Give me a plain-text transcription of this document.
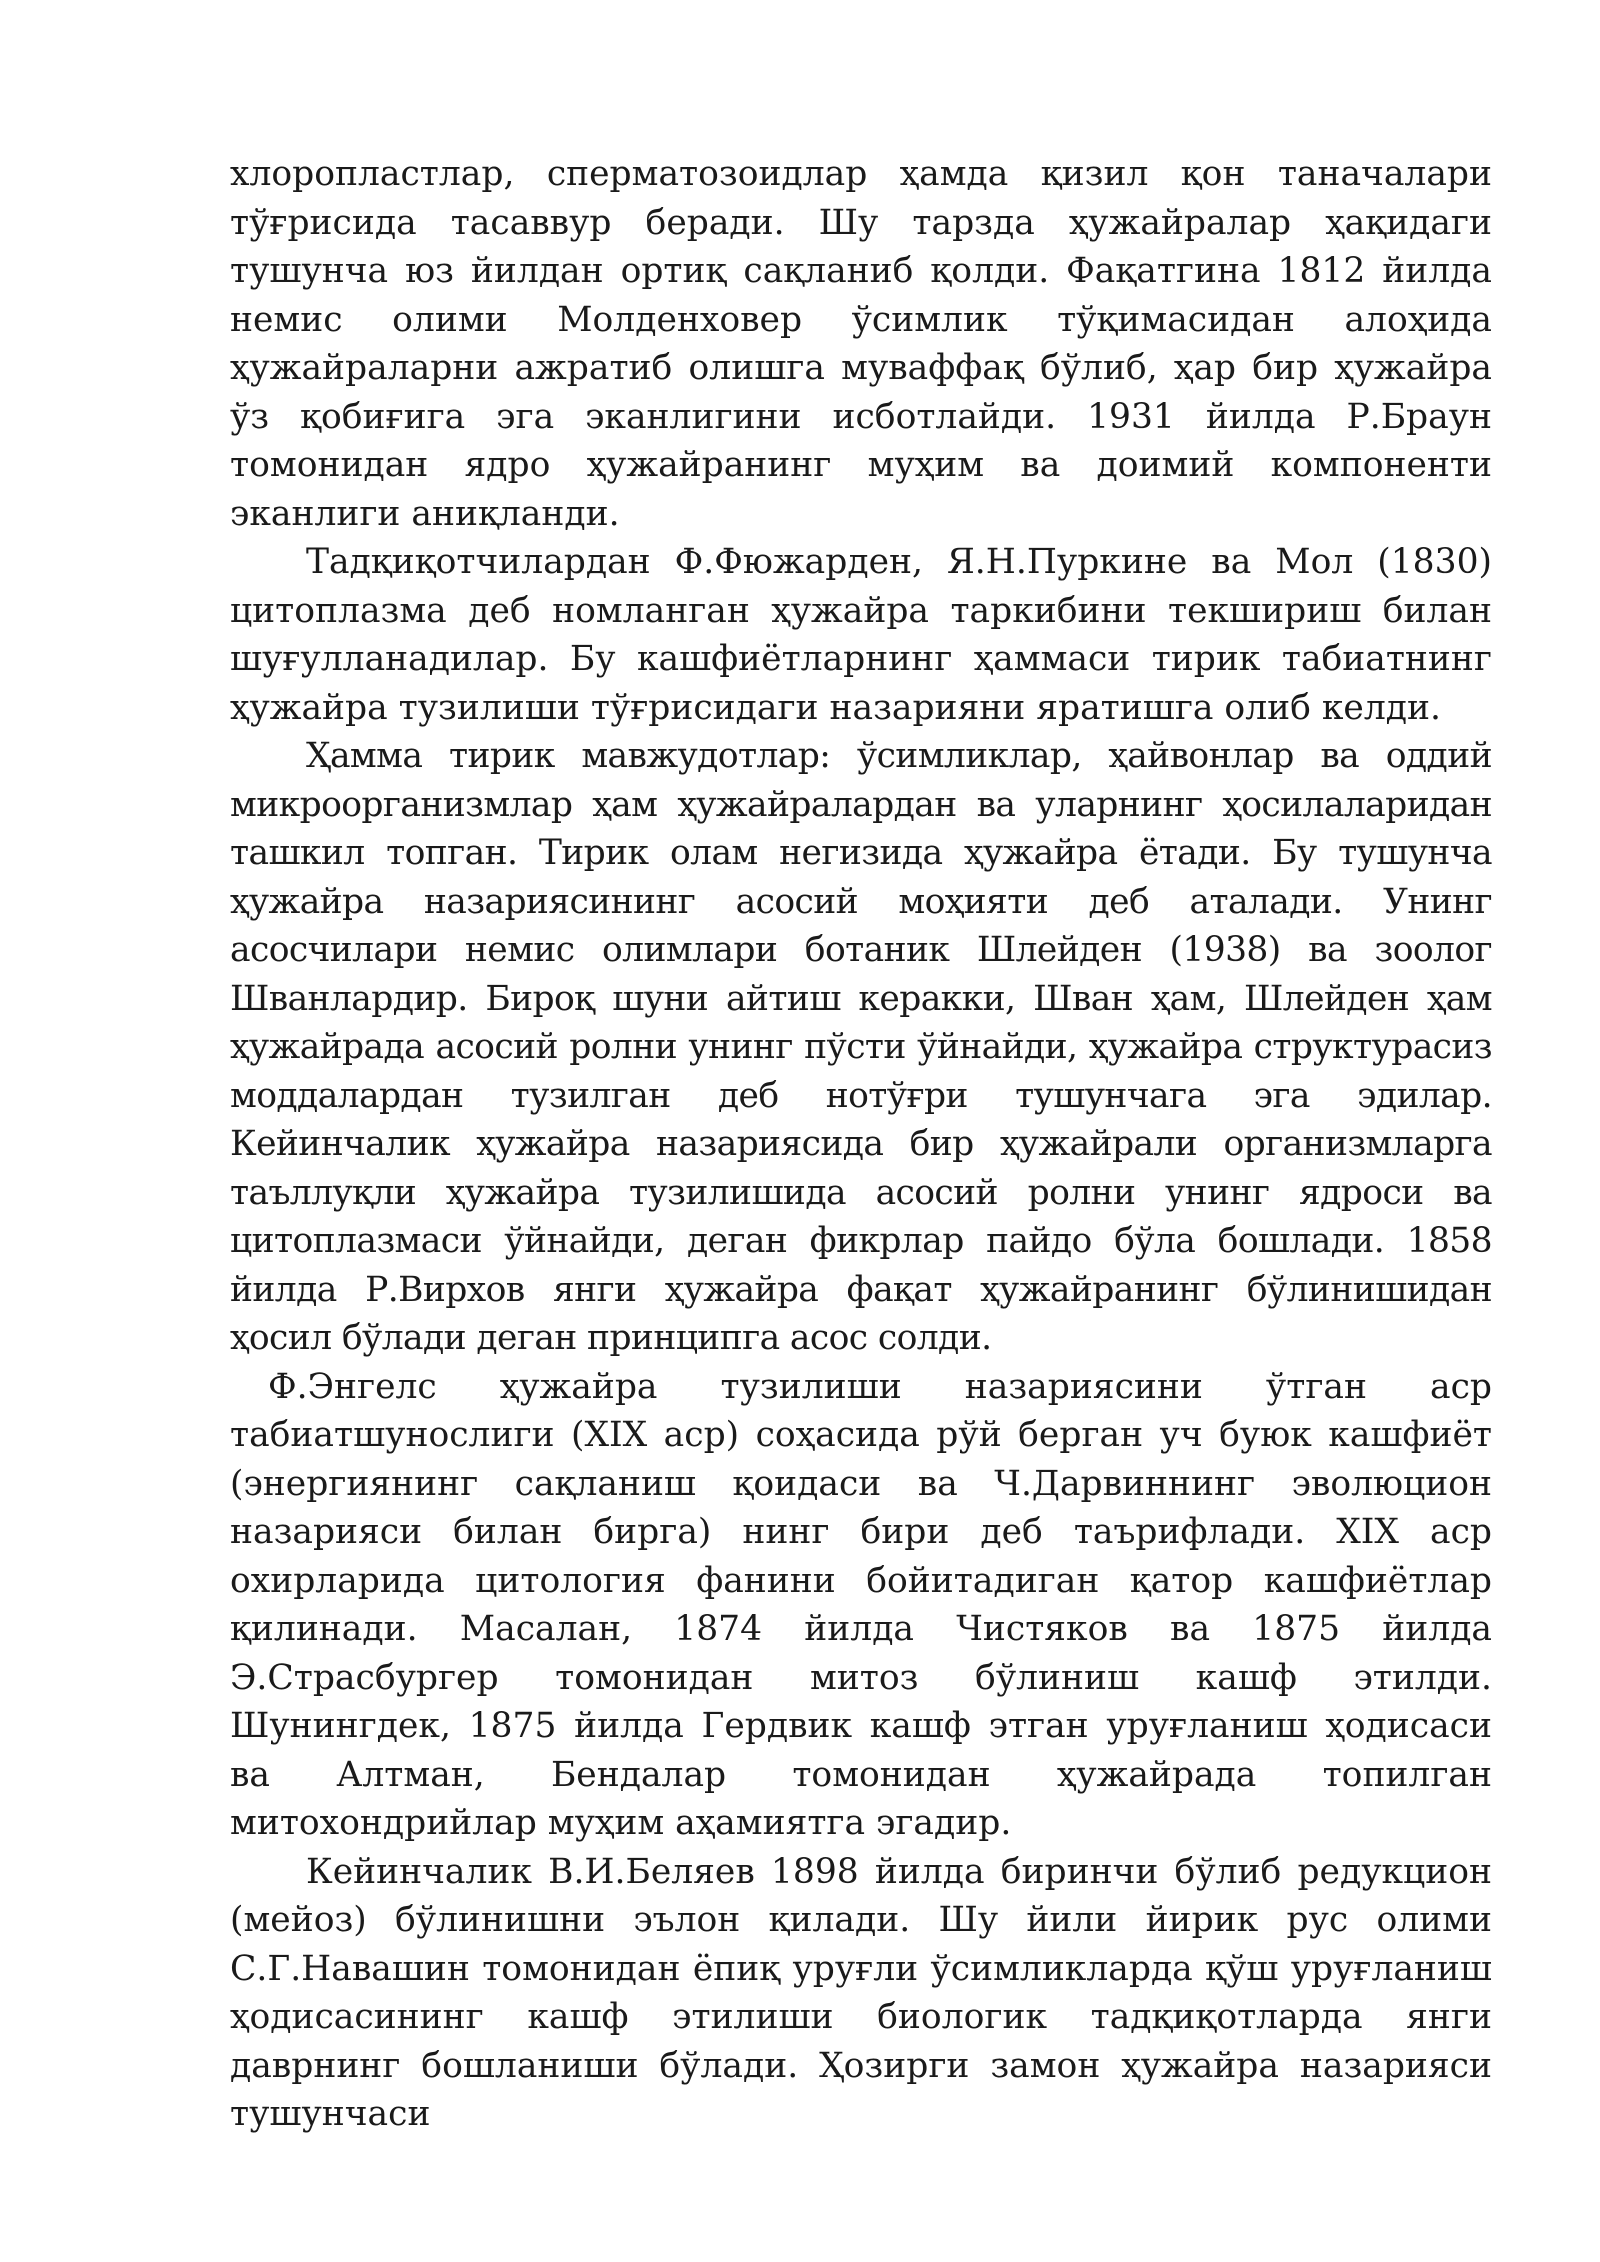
хлоропластлар, сперматозоидлар ҳамда қизил қон таначалари тўғрисида тасаввур беради. Шу тарзда ҳужайралар ҳақидаги тушунча юз йилдан ортиқ сақланиб қолди. Фақатгина 1812 йилда немис олими Молденховер ўсимлик тўқимасидан алоҳида ҳужайраларни ажратиб олишга муваффақ бўлиб, ҳар бир ҳужайра ўз қобиғига эга эканлигини исботлайди. 1931 йилда Р.Браун томонидан ядро ҳужайранинг муҳим ва доимий компоненти эканлиги аниқланди.

Тадқиқотчилардан Ф.Фюжарден, Я.Н.Пуркине ва Мол (1830) цитоплазма деб номланган ҳужайра таркибини текшириш билан шуғулланадилар. Бу кашфиётларнинг ҳаммаси тирик табиатнинг ҳужайра тузилиши тўғрисидаги назарияни яратишга олиб келди.

Ҳамма тирик мавжудотлар: ўсимликлар, ҳайвонлар ва оддий микроорганизмлар ҳам ҳужайралардан ва уларнинг ҳосилаларидан ташкил топган. Тирик олам негизида ҳужайра ётади. Бу тушунча ҳужайра назариясининг асосий моҳияти деб аталади. Унинг асосчилари немис олимлари ботаник Шлейден (1938) ва зоолог Шванлардир. Бироқ шуни айтиш керакки, Шван ҳам, Шлейден ҳам ҳужайрада асосий ролни унинг пўсти ўйнайди, ҳужайра структурасиз моддалардан тузилган деб нотўғри тушунчага эга эдилар. Кейинчалик ҳужайра назариясида бир ҳужайрали организмларга таъллуқли ҳужайра тузилишида асосий ролни унинг ядроси ва цитоплазмаси ўйнайди, деган фикрлар пайдо бўла бошлади. 1858 йилда Р.Вирхов янги ҳужайра фақат ҳужайранинг бўлинишидан ҳосил бўлади деган принципга асос солди.

Ф.Энгелс ҳужайра тузилиши назариясини ўтган аср табиатшунослиги (XIX аср) соҳасида рўй берган уч буюк кашфиёт (энергиянинг сақланиш қоидаси ва Ч.Дарвиннинг эволюцион назарияси билан бирга) нинг бири деб таърифлади. XIX аср охирларида цитология фанини бойитадиган қатор кашфиётлар қилинади. Масалан, 1874 йилда Чистяков ва 1875 йилда Э.Страсбургер томонидан митоз бўлиниш кашф этилди. Шунингдек, 1875 йилда Гердвик кашф этган уруғланиш ҳодисаси ва Алтман, Бендалар томонидан ҳужайрада топилган митохондрийлар муҳим аҳамиятга эгадир.

Кейинчалик В.И.Беляев 1898 йилда биринчи бўлиб редукцион (мейоз) бўлинишни эълон қилади. Шу йили йирик рус олими С.Г.Навашин томонидан ёпиқ уруғли ўсимликларда қўш уруғланиш ҳодисасининг кашф этилиши биологик тадқиқотларда янги даврнинг бошланиши бўлади. Ҳозирги замон ҳужайра назарияси тушунчаси
